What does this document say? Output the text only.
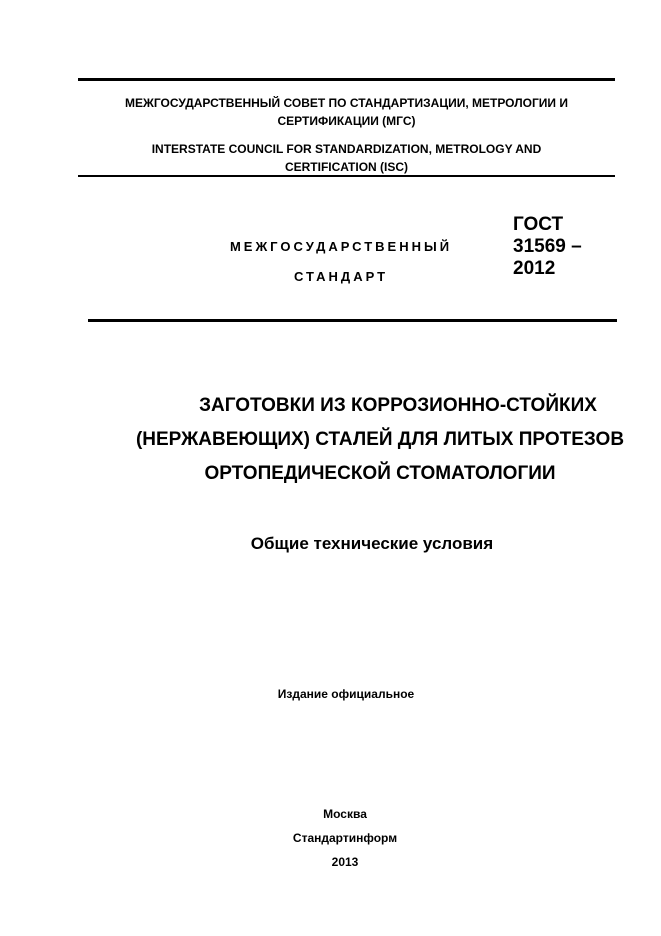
МЕЖГОСУДАРСТВЕННЫЙ СОВЕТ ПО СТАНДАРТИЗАЦИИ, МЕТРОЛОГИИ И
СЕРТИФИКАЦИИ (МГС)
INTERSTATE COUNCIL FOR STANDARDIZATION, METROLOGY AND
CERTIFICATION (ISC)
МЕЖГОСУДАРСТВЕННЫЙ
СТАНДАРТ
ГОСТ
31569 –
2012
ЗАГОТОВКИ ИЗ КОРРОЗИОННО-СТОЙКИХ
(НЕРЖАВЕЮЩИХ) СТАЛЕЙ ДЛЯ ЛИТЫХ ПРОТЕЗОВ
ОРТОПЕДИЧЕСКОЙ СТОМАТОЛОГИИ
Общие технические условия
Издание официальное
Москва
Стандартинформ
2013
